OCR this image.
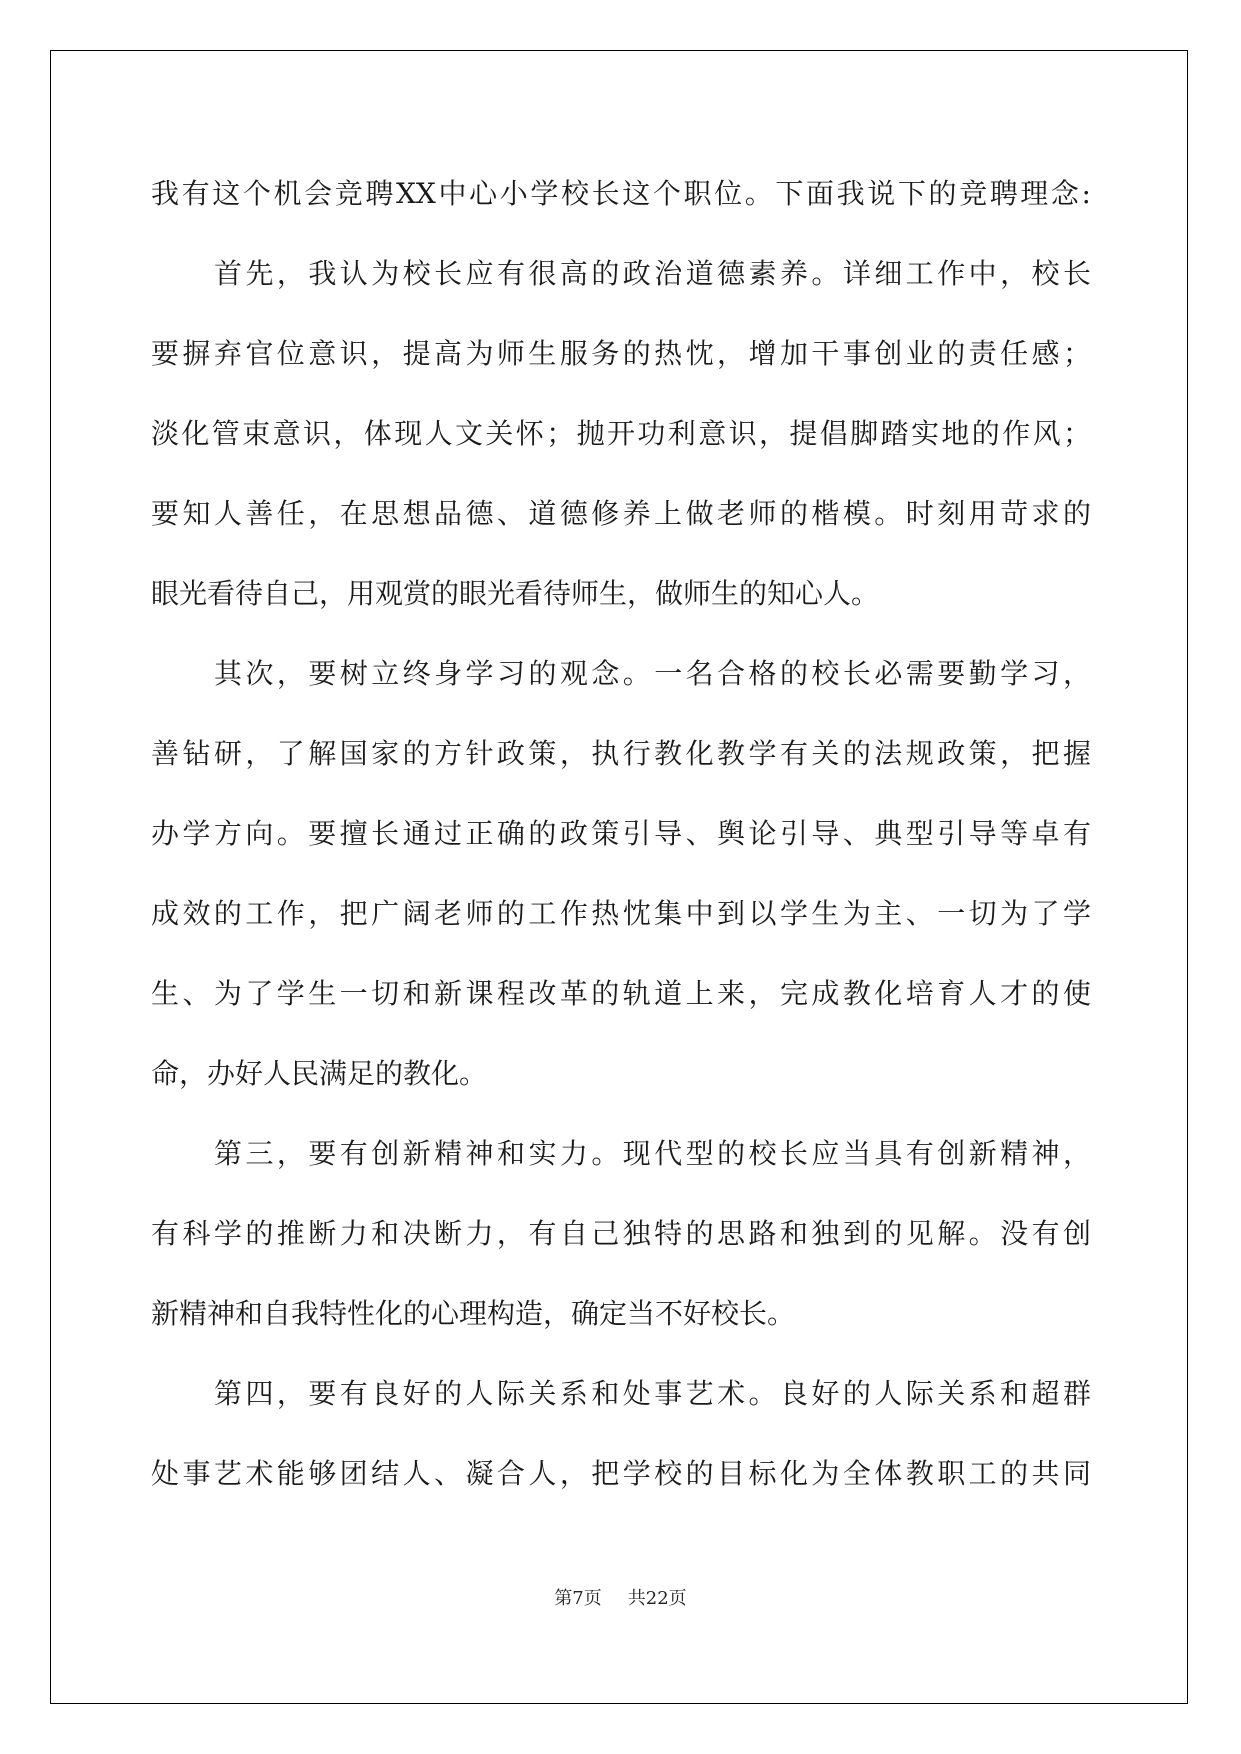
我有这个机会竞聘XX中心小学校长这个职位。下面我说下的竞聘理念:
首先，我认为校长应有很高的政治道德素养。详细工作中，校长
要摒弃官位意识，提高为师生服务的热忱，增加干事创业的责任感；
淡化管束意识，体现人文关怀；抛开功利意识，提倡脚踏实地的作风；
要知人善任，在思想品德、道德修养上做老师的楷模。时刻用苛求的
眼光看待自己，用观赏的眼光看待师生，做师生的知心人。
其次，要树立终身学习的观念。一名合格的校长必需要勤学习，
善钻研，了解国家的方针政策，执行教化教学有关的法规政策，把握
办学方向。要擅长通过正确的政策引导、舆论引导、典型引导等卓有
成效的工作，把广阔老师的工作热忱集中到以学生为主、一切为了学
生、为了学生一切和新课程改革的轨道上来，完成教化培育人才的使
命，办好人民满足的教化。
第三，要有创新精神和实力。现代型的校长应当具有创新精神，
有科学的推断力和决断力，有自己独特的思路和独到的见解。没有创
新精神和自我特性化的心理构造，确定当不好校长。
第四，要有良好的人际关系和处事艺术。良好的人际关系和超群
处事艺术能够团结人、凝合人，把学校的目标化为全体教职工的共同
第7页 共22页
